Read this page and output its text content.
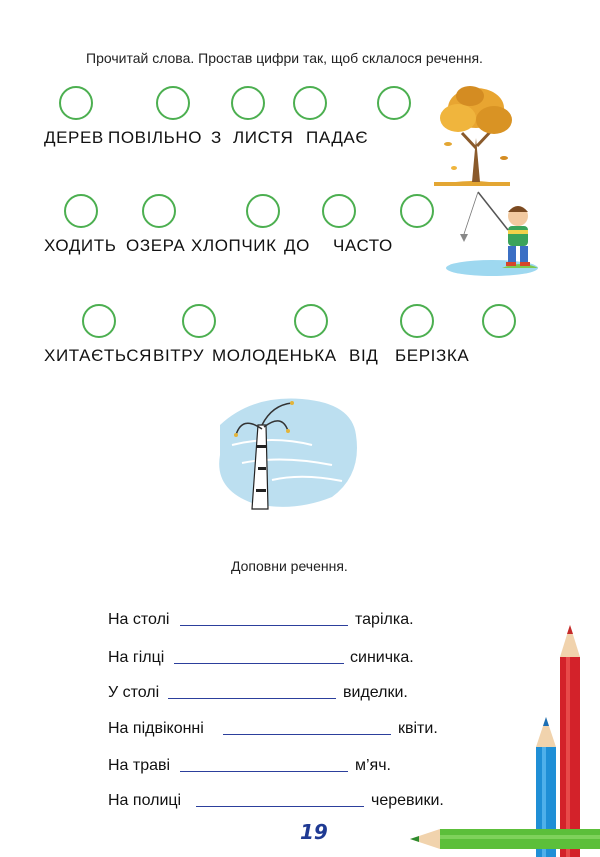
Прочитай слова. Простав цифри так, щоб склалося речення.
ДЕРЕВ ПОВІЛЬНО З ЛИСТЯ ПАДАЄ
ХОДИТЬ ОЗЕРА ХЛОПЧИК ДО ЧАСТО
ХИТАЄТЬСЯ ВІТРУ МОЛОДЕНЬКА ВІД БЕРІЗКА
Доповни речення.
На столі	тарілка.
На гілці	синичка.
У столі	виделки.
На підвіконні	квіти.
На траві	м’яч.
На полиці	черевики.
19
